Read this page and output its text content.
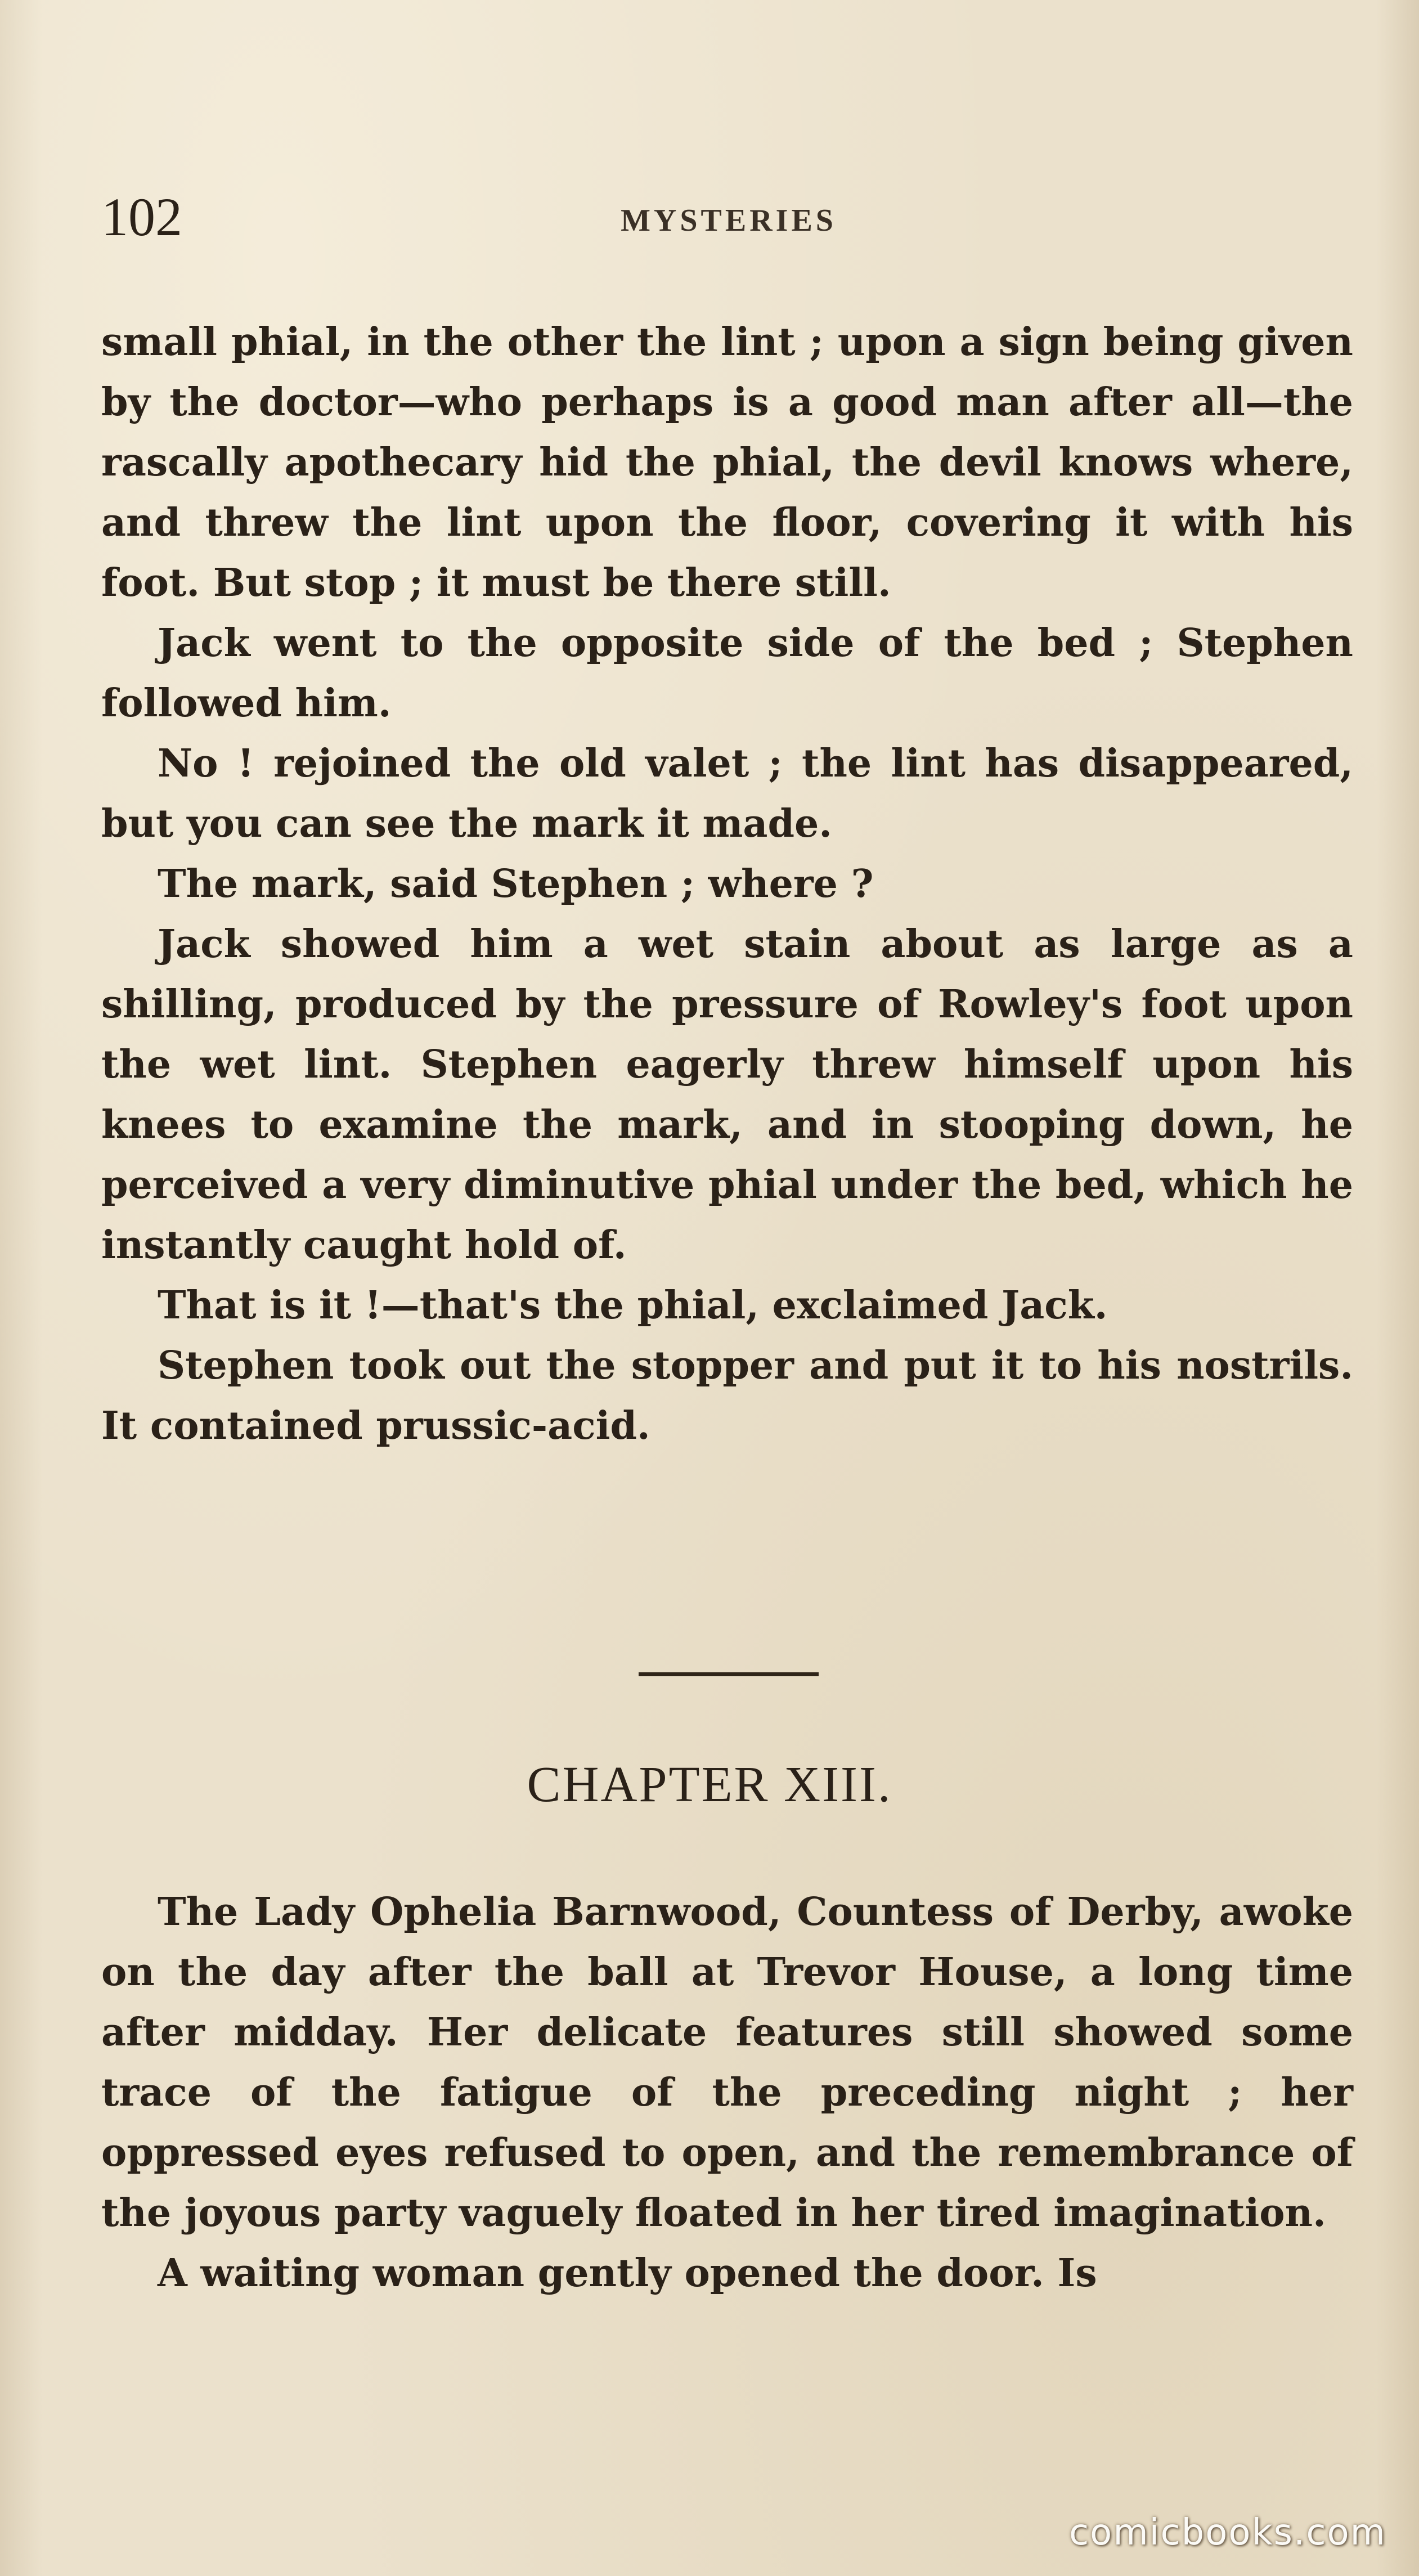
102	MYSTERIES

small phial, in the other the lint ; upon a sign being given by the doctor—who perhaps is a good man after all—the rascally apothecary hid the phial, the devil knows where, and threw the lint upon the floor, covering it with his foot. But stop ; it must be there still.

Jack went to the opposite side of the bed ; Stephen followed him.

No ! rejoined the old valet ; the lint has disappeared, but you can see the mark it made.

The mark, said Stephen ; where ?

Jack showed him a wet stain about as large as a shilling, produced by the pressure of Rowley's foot upon the wet lint. Stephen eagerly threw himself upon his knees to examine the mark, and in stooping down, he perceived a very diminutive phial under the bed, which he instantly caught hold of.

That is it !—that's the phial, exclaimed Jack.

Stephen took out the stopper and put it to his nostrils. It contained prussic-acid.

CHAPTER XIII.

The Lady Ophelia Barnwood, Countess of Derby, awoke on the day after the ball at Trevor House, a long time after midday. Her delicate features still showed some trace of the fatigue of the preceding night ; her oppressed eyes refused to open, and the remembrance of the joyous party vaguely floated in her tired imagination.

A waiting woman gently opened the door. Is

comicbooks.com
